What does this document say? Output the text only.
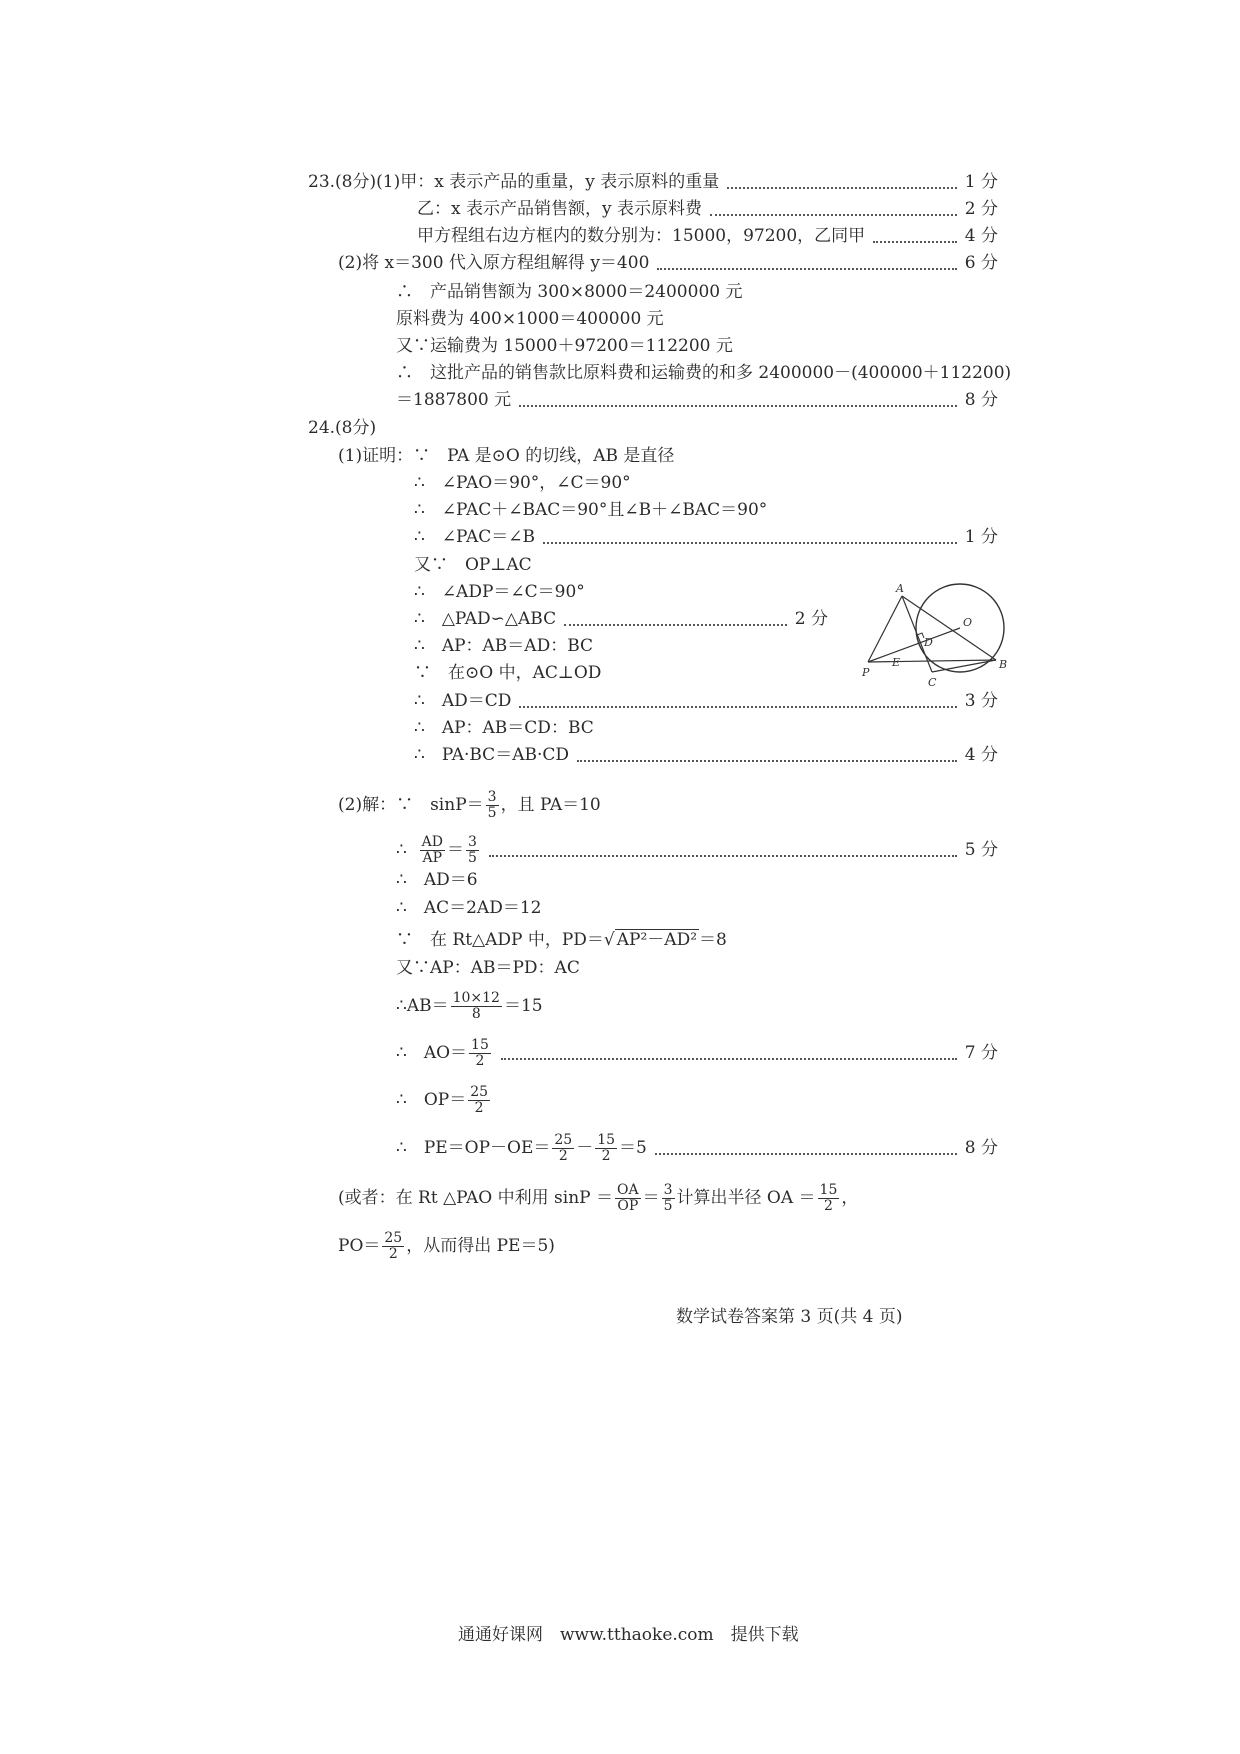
23.(8分)(1)甲：x 表示产品的重量，y 表示原料的重量	1 分
乙：x 表示产品销售额，y 表示原料费	2 分
甲方程组右边方框内的数分别为：15000，97200，乙同甲	4 分
(2)将 x＝300 代入原方程组解得 y＝400	6 分
∴　产品销售额为 300×8000＝2400000 元
原料费为 400×1000＝400000 元
又∵运输费为 15000＋97200＝112200 元
∴　这批产品的销售款比原料费和运输费的和多 2400000－(400000＋112200)
＝1887800 元	8 分
24.(8分)
(1)证明：∵　PA 是⊙O 的切线，AB 是直径
∴　∠PAO＝90°，∠C＝90°
∴　∠PAC＋∠BAC＝90°且∠B＋∠BAC＝90°
∴　∠PAC＝∠B	1 分
又∵　OP⊥AC
∴　∠ADP＝∠C＝90°
∴　△PAD∽△ABC	2 分
∴　AP：AB＝AD：BC
∵　在⊙O 中，AC⊥OD
∴　AD＝CD	3 分
∴　AP：AB＝CD：BC
∴　PA·BC＝AB·CD	4 分
A
O
D
P
E
C
B
(2)解：∵　$\sin P= \frac{3}{5}$ ，且 PA＝10
∴ $\frac{AD}{AP} = \frac{3}{5}$	5 分
∴　AD＝6
∴　AC＝2AD＝12
∵　在 Rt△ADP 中，PD＝√ AP²－AD² ＝8
又∵AP：AB＝PD：AC
∴AB＝ $\frac{10\times 12}{8} =15$
∴　$AO= \frac{15}{2}$	7 分
∴　$OP= \frac{25}{2}$
∴　$PE=OP-OE= \frac{25}{2} - \frac{15}{2} =5$	8 分
(或者：在 Rt △PAO 中利用 $\sin P = \frac{OA}{OP} = \frac{3}{5}$ 计算出半径 OA ＝ $\frac{15}{2}$ ，
$PO= \frac{25}{2}$ ，从而得出 PE＝5)
数学试卷答案第 3 页(共 4 页)
通通好课网　www.tthaoke.com　提供下载
